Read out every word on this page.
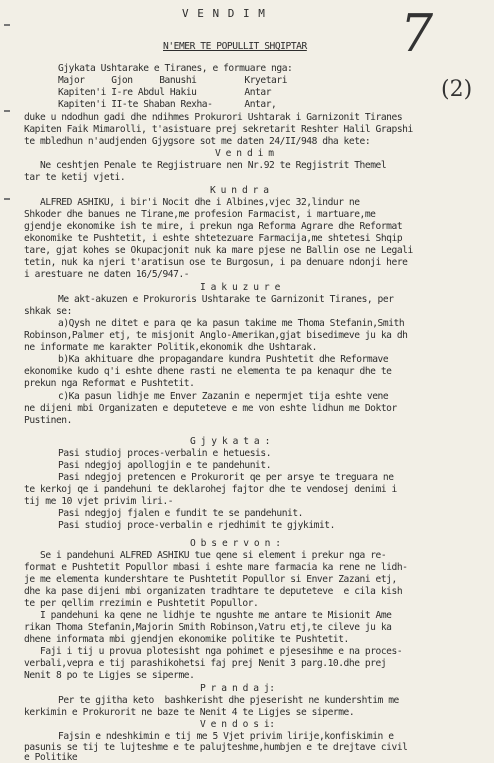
V E N D I M
N'EMER TE POPULLIT SHQIPTAR 7
(2)
Gjykata Ushtarake e Tiranes, e formuare nga:
Major     Gjon     Banushi         Kryetari
Kapiten'i I-re Abdul Hakiu         Antar
Kapiten'i II-te Shaban Rexha-      Antar,
duke u ndodhun gadi dhe ndihmes Prokurori Ushtarak i Garnizonit Tiranes
Kapiten Faik Mimarolli, t'asistuare prej sekretarit Reshter Halil Grapshi
te mbledhun n'audjenden Gjygsore sot me daten 24/II/948 dha kete:
V e n d i m
Ne ceshtjen Penale te Regjistruare nen Nr.92 te Regjistrit Themel
tar te ketij vjeti.
K u n d r a
ALFRED ASHIKU, i bir'i Nocit dhe i Albines,vjec 32,lindur ne
Shkoder dhe banues ne Tirane,me profesion Farmacist, i martuare,me
gjendje ekonomike ish te mire, i prekun nga Reforma Agrare dhe Reformat
ekonomike te Pushtetit, i eshte shtetezuare Farmacija,me shtetesi Shqip
tare, gjat kohes se Okupacjonit nuk ka mare pjese ne Ballin ose ne Legali
tetin, nuk ka njeri t'aratisun ose te Burgosun, i pa denuare ndonji here
i arestuare ne daten 16/5/947.-
I a k u z u r e
Me akt-akuzen e Prokuroris Ushtarake te Garnizonit Tiranes, per
shkak se:
a)Qysh ne ditet e para qe ka pasun takime me Thoma Stefanin,Smith
Robinson,Palmer etj, te misjonit Anglo-Amerikan,gjat bisedimeve ju ka dh
ne informate me karakter Politik,ekonomik dhe Ushtarak.
b)Ka akhituare dhe propagandare kundra Pushtetit dhe Reformave
ekonomike kudo q'i eshte dhene rasti ne elementa te pa kenaqur dhe te
prekun nga Reformat e Pushtetit.
c)Ka pasun lidhje me Enver Zazanin e nepermjet tija eshte vene
ne dijeni mbi Organizaten e deputeteve e me von eshte lidhun me Doktor
Pustinen.
G j y k a t a :
Pasi studioj proces-verbalin e hetuesis.
Pasi ndegjoj apollogjin e te pandehunit.
Pasi ndegjoj pretencen e Prokurorit qe per arsye te treguara ne
te kerkoj qe i pandehuni te deklarohej fajtor dhe te vendosej denimi i
tij me 10 vjet privim liri.-
Pasi ndegjoj fjalen e fundit te se pandehunit.
Pasi studioj proce-verbalin e rjedhimit te gjykimit.
O b s e r v o n :
Se i pandehuni ALFRED ASHIKU tue qene si element i prekur nga re-
format e Pushtetit Popullor mbasi i eshte mare farmacia ka rene ne lidh-
je me elementa kundershtare te Pushtetit Popullor si Enver Zazani etj,
dhe ka pase dijeni mbi organizaten tradhtare te deputeteve  e cila kish
te per qellim rrezimin e Pushtetit Popullor.
I pandehuni ka qene ne lidhje te ngushte me antare te Misionit Ame
rikan Thoma Stefanin,Majorin Smith Robinson,Vatru etj,te cileve ju ka
dhene informata mbi gjendjen ekonomike politike te Pushtetit.
Faji i tij u provua plotesisht nga pohimet e pjesesihme e na proces-
verbali,vepra e tij parashikohetsi faj prej Nenit 3 parg.10.dhe prej
Nenit 8 po te Ligjes se siperme.
P r a n d a j:
Per te gjitha keto  bashkerisht dhe pjeserisht ne kundershtim me
kerkimin e Prokurorit ne baze te Nenit 4 te Ligjes se siperme.
V e n d o s i:
Fajsin e ndeshkimin e tij me 5 Vjet privim lirije,konfiskimin e
pasunis se tij te lujteshme e te palujteshme,humbjen e te drejtave civil
e Politike
